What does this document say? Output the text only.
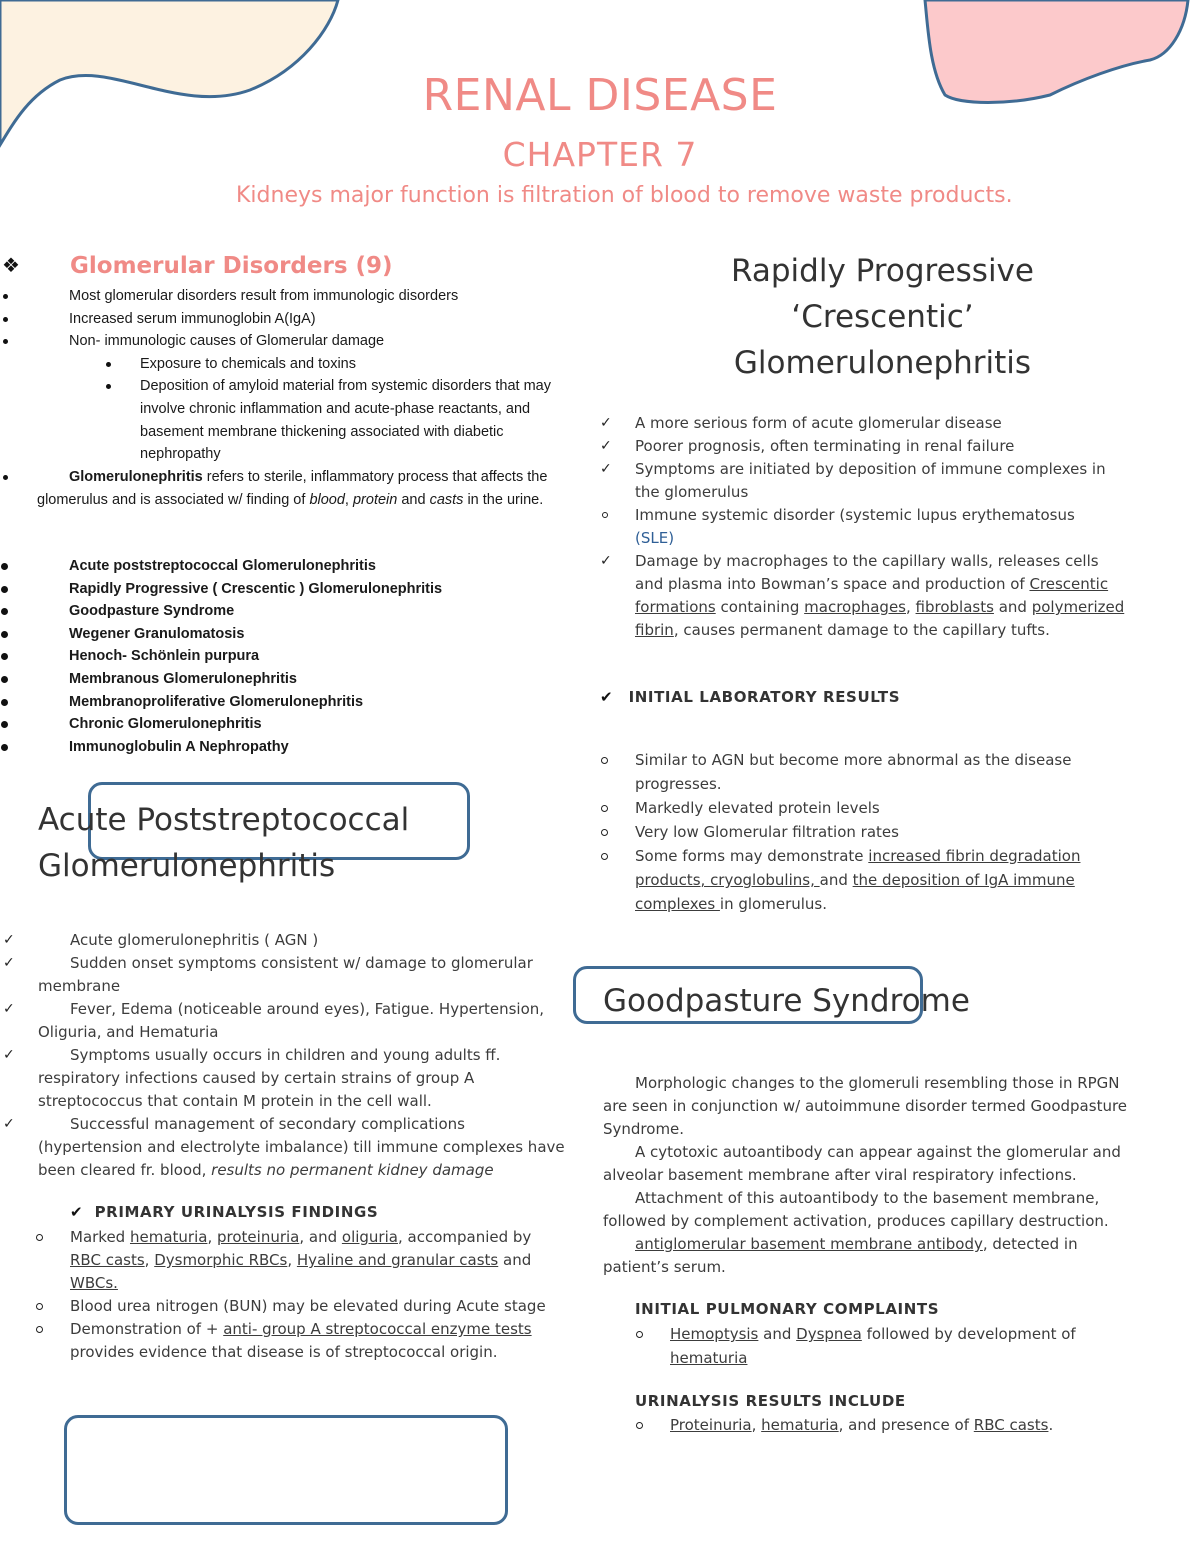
RENAL DISEASE
CHAPTER 7
Kidneys major function is filtration of blood to remove waste products.
❖ Glomerular Disorders (9)
Most glomerular disorders result from immunologic disorders
Increased serum immunoglobin A(IgA)
Non- immunologic causes of Glomerular damage
Exposure to chemicals and toxins
Deposition of amyloid material from systemic disorders that may involve chronic inflammation and acute-phase reactants, and basement membrane thickening associated with diabetic nephropathy
Glomerulonephritis refers to sterile, inflammatory process that affects the glomerulus and is associated w/ finding of blood, protein and casts in the urine.
Acute poststreptococcal Glomerulonephritis
Rapidly Progressive ( Crescentic ) Glomerulonephritis
Goodpasture Syndrome
Wegener Granulomatosis
Henoch- Schönlein purpura
Membranous Glomerulonephritis
Membranoproliferative Glomerulonephritis
Chronic Glomerulonephritis
Immunoglobulin A Nephropathy
Acute Poststreptococcal
Glomerulonephritis
✓	Acute glomerulonephritis ( AGN )
✓	Sudden onset symptoms consistent w/ damage to glomerular membrane
✓	Fever, Edema (noticeable around eyes), Fatigue. Hypertension, Oliguria, and Hematuria
✓	Symptoms usually occurs in children and young adults ff. respiratory infections caused by certain strains of group A streptococcus that contain M protein in the cell wall.
✓	Successful management of secondary complications (hypertension and electrolyte imbalance) till immune complexes have been cleared fr. blood, results no permanent kidney damage
✔ PRIMARY URINALYSIS FINDINGS
Marked hematuria, proteinuria, and oliguria, accompanied by RBC casts, Dysmorphic RBCs, Hyaline and granular casts and WBCs.
Blood urea nitrogen (BUN) may be elevated during Acute stage
Demonstration of + anti- group A streptococcal enzyme tests provides evidence that disease is of streptococcal origin.
Rapidly Progressive
‘Crescentic’
Glomerulonephritis
✓ A more serious form of acute glomerular disease
✓ Poorer prognosis, often terminating in renal failure
✓ Symptoms are initiated by deposition of immune complexes in the glomerulus
Immune systemic disorder (systemic lupus erythematosus
(SLE)
✓ Damage by macrophages to the capillary walls, releases cells and plasma into Bowman’s space and production of Crescentic formations containing macrophages, fibroblasts and polymerized fibrin, causes permanent damage to the capillary tufts.
✔ INITIAL LABORATORY RESULTS
Similar to AGN but become more abnormal as the disease progresses.
Markedly elevated protein levels
Very low Glomerular filtration rates
Some forms may demonstrate increased fibrin degradation products, cryoglobulins, and the deposition of IgA immune complexes in glomerulus.
Goodpasture Syndrome
Morphologic changes to the glomeruli resembling those in RPGN are seen in conjunction w/ autoimmune disorder termed Goodpasture Syndrome.
A cytotoxic autoantibody can appear against the glomerular and alveolar basement membrane after viral respiratory infections.
Attachment of this autoantibody to the basement membrane, followed by complement activation, produces capillary destruction.
antiglomerular basement membrane antibody, detected in patient’s serum.
INITIAL PULMONARY COMPLAINTS
Hemoptysis and Dyspnea followed by development of hematuria
URINALYSIS RESULTS INCLUDE
Proteinuria, hematuria, and presence of RBC casts.
